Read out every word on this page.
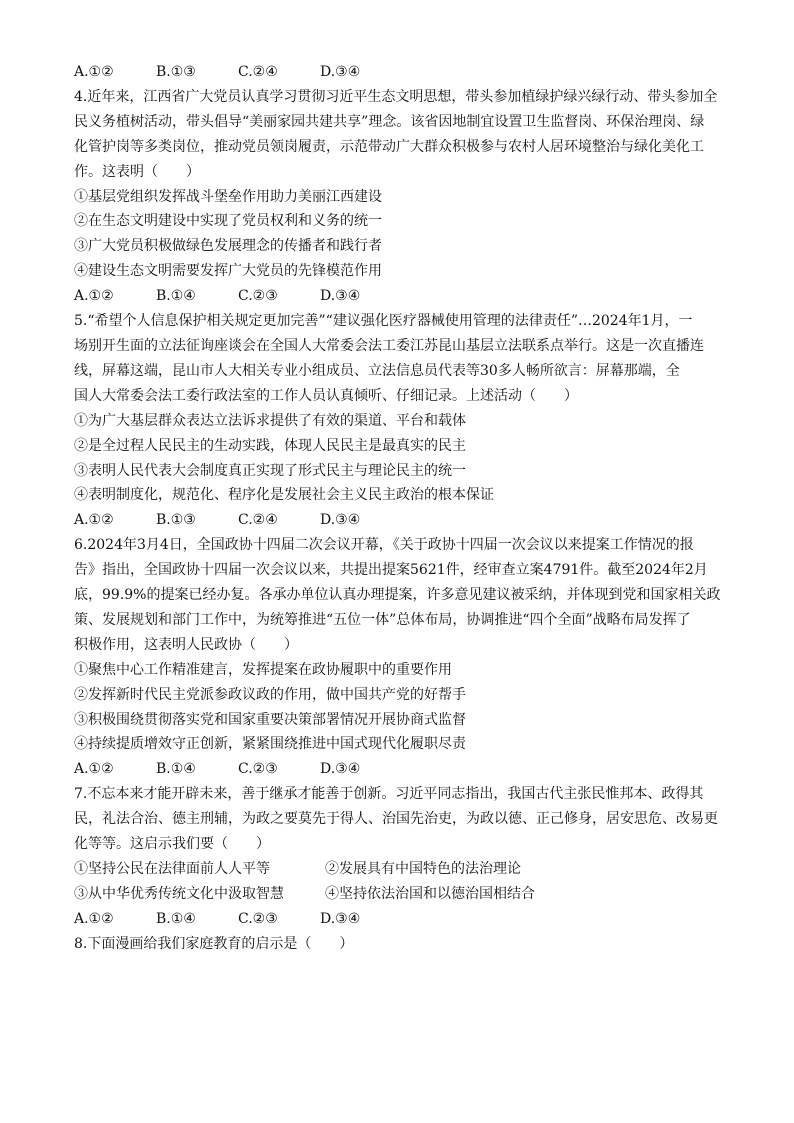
A.①②	B.①③	C.②④	D.③④
4.近年来，江西省广大党员认真学习贯彻习近平生态文明思想，带头参加植绿护绿兴绿行动、带头参加全
民义务植树活动，带头倡导“美丽家园共建共享”理念。该省因地制宜设置卫生监督岗、环保治理岗、绿
化管护岗等多类岗位，推动党员领岗履责，示范带动广大群众积极参与农村人居环境整治与绿化美化工
作。这表明（　　）
①基层党组织发挥战斗堡垒作用助力美丽江西建设
②在生态文明建设中实现了党员权利和义务的统一
③广大党员积极做绿色发展理念的传播者和践行者
④建设生态文明需要发挥广大党员的先锋模范作用
A.①②	B.①④	C.②③	D.③④
5.“希望个人信息保护相关规定更加完善”“建议强化医疗器械使用管理的法律责任”…2024年1月，一
场别开生面的立法征询座谈会在全国人大常委会法工委江苏昆山基层立法联系点举行。这是一次直播连
线，屏幕这端，昆山市人大相关专业小组成员、立法信息员代表等30多人畅所欲言：屏幕那端，全
国人大常委会法工委行政法室的工作人员认真倾听、仔细记录。上述活动（　　）
①为广大基层群众表达立法诉求提供了有效的渠道、平台和载体
②是全过程人民民主的生动实践，体现人民民主是最真实的民主
③表明人民代表大会制度真正实现了形式民主与理论民主的统一
④表明制度化，规范化、程序化是发展社会主义民主政治的根本保证
A.①②	B.①③	C.②④	D.③④
6.2024年3月4日，全国政协十四届二次会议开幕，《关于政协十四届一次会议以来提案工作情况的报
告》指出，全国政协十四届一次会议以来，共提出提案5621件，经审查立案4791件。截至2024年2月
底，99.9%的提案已经办复。各承办单位认真办理提案，许多意见建议被采纳，并体现到党和国家相关政
策、发展规划和部门工作中，为统筹推进“五位一体”总体布局，协调推进“四个全面”战略布局发挥了
积极作用，这表明人民政协（　　）
①聚焦中心工作精准建言，发挥提案在政协履职中的重要作用
②发挥新时代民主党派参政议政的作用，做中国共产党的好帮手
③积极围绕贯彻落实党和国家重要决策部署情况开展协商式监督
④持续提质增效守正创新，紧紧围绕推进中国式现代化履职尽责
A.①②	B.①④	C.②③	D.③④
7.不忘本来才能开辟未来，善于继承才能善于创新。习近平同志指出，我国古代主张民惟邦本、政得其
民，礼法合治、德主刑辅，为政之要莫先于得人、治国先治吏，为政以德、正己修身，居安思危、改易更
化等等。这启示我们要（　　）
①坚持公民在法律面前人人平等	②发展具有中国特色的法治理论
③从中华优秀传统文化中汲取智慧	④坚持依法治国和以德治国相结合
A.①②	B.①④	C.②③	D.③④
8.下面漫画给我们家庭教育的启示是（　　）
